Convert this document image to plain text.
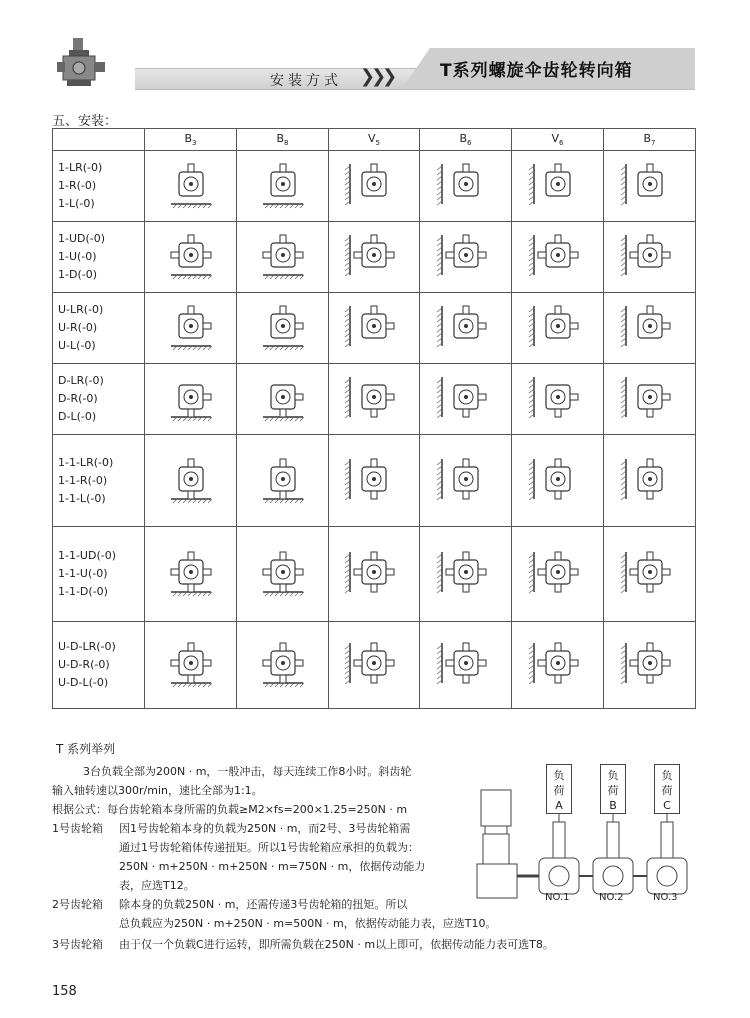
T系列螺旋伞齿轮转向箱
安装方式 ❯❯❯
五、安装：
	$B_3$	$B_8$	$V_5$	$B_6$	$V_6$	$B_7$

1-LR(-0)
1-R(-0)
1-L(-0)

1-UD(-0)
1-U(-0)
1-D(-0)

U-LR(-0)
U-R(-0)
U-L(-0)

D-LR(-0)
D-R(-0)
D-L(-0)

1-1-LR(-0)
1-1-R(-0)
1-1-L(-0)

1-1-UD(-0)
1-1-U(-0)
1-1-D(-0)

U-D-LR(-0)
U-D-R(-0)
U-D-L(-0)

T 系列举列
3台负载全部为200N · m，一般冲击，每天连续工作8小时。斜齿轮
输入轴转速以300r/min，速比全部为1:1。
根据公式：每台齿轮箱本身所需的负载≥M2×fs=200×1.25=250N · m
1号齿轮箱 因1号齿轮箱本身的负载为250N · m，而2号、3号齿轮箱需
通过1号齿轮箱体传递扭矩。所以1号齿轮箱应承担的负载为：
250N · m+250N · m+250N · m=750N · m，依据传动能力
表，应选T12。
2号齿轮箱 除本身的负载250N · m，还需传递3号齿轮箱的扭矩。所以
总负载应为250N · m+250N · m=500N · m，依据传动能力表，应选T10。
3号齿轮箱 由于仅一个负载C进行运转，即所需负载在250N · m以上即可，依据传动能力表可选T8。
负
荷
A
负
荷
B
负
荷
C
NO.1	NO.2	NO.3
158
